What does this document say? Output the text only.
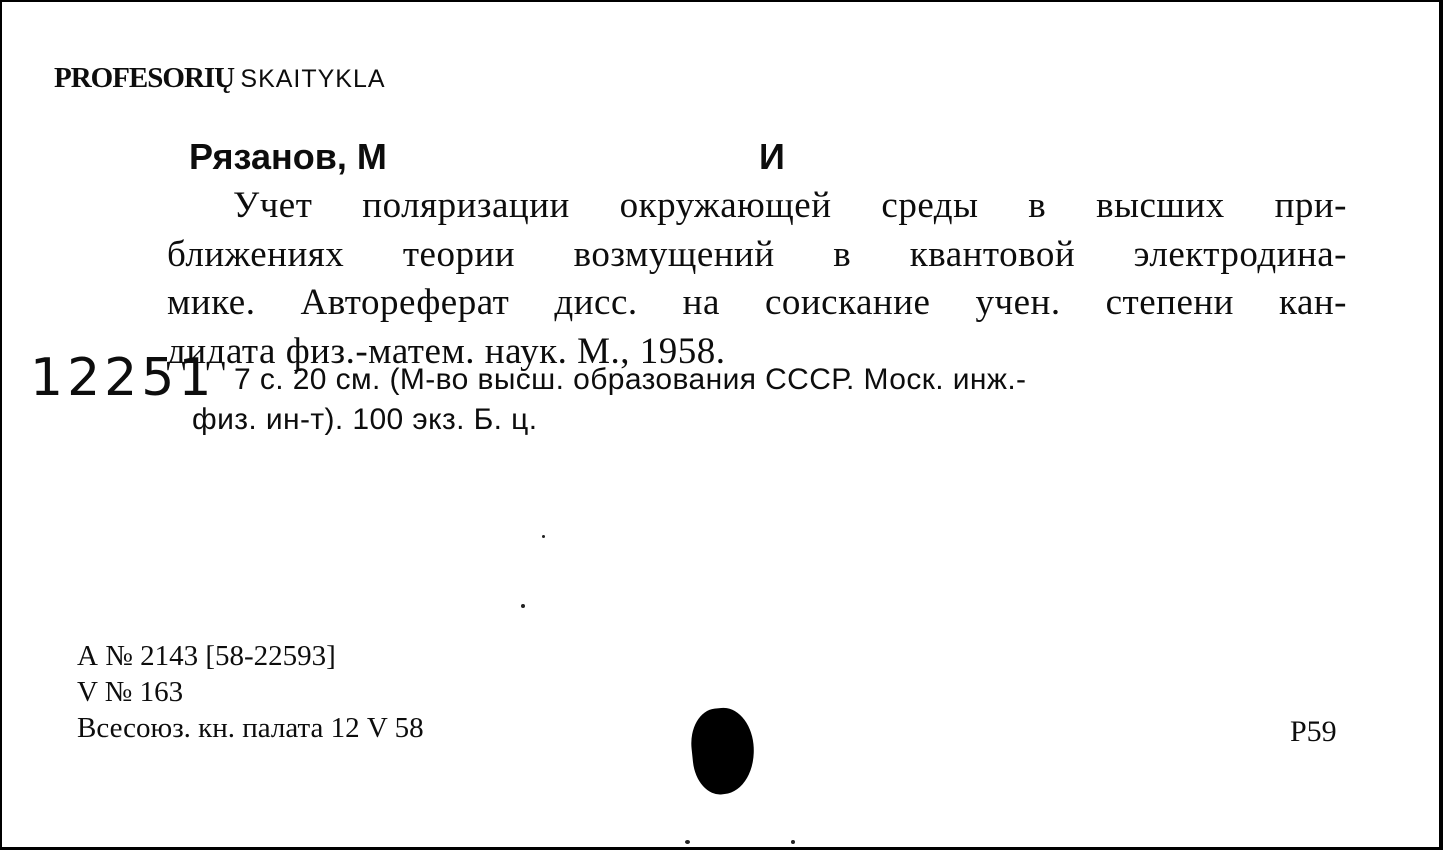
PROFESORIŲ SKAITYKLA
Рязанов, М	И
Учет поляризации окружающей среды в высших при-
ближениях теории возмущений в квантовой электродина-
мике. Автореферат дисс. на соискание учен. степени кан-
дидата физ.-матем. наук. М., 1958.
12251 7 с. 20 см. (М-во высш. образования СССР. Моск. инж.-
физ. ин-т). 100 экз. Б. ц.
А № 2143 [58-22593]
V № 163
Всесоюз. кн. палата 12 V 58	Р59
